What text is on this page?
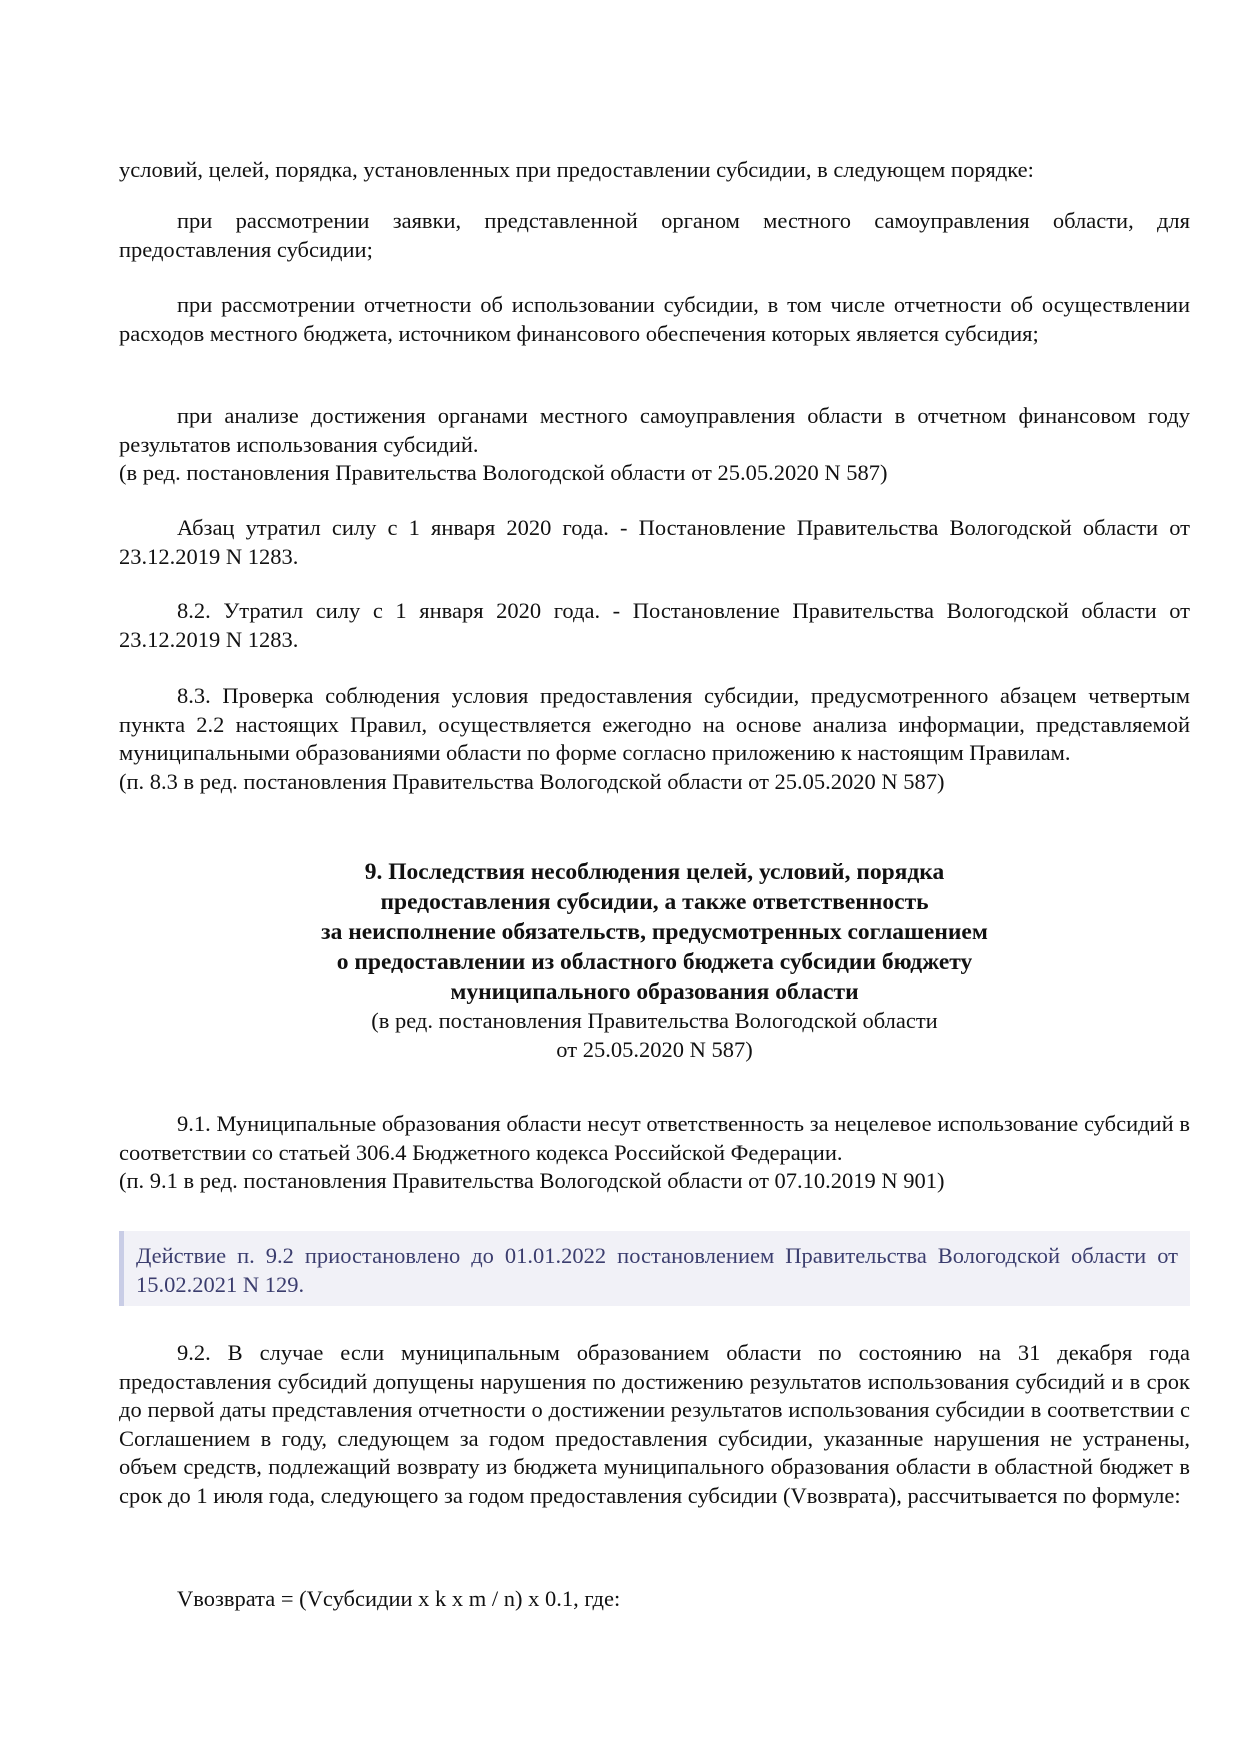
условий, целей, порядка, установленных при предоставлении субсидии, в следующем порядке:

при рассмотрении заявки, представленной органом местного самоуправления области, для предоставления субсидии;

при рассмотрении отчетности об использовании субсидии, в том числе отчетности об осуществлении расходов местного бюджета, источником финансового обеспечения которых является субсидия;

при анализе достижения органами местного самоуправления области в отчетном финансовом году результатов использования субсидий.

(в ред. постановления Правительства Вологодской области от 25.05.2020 N 587)

Абзац утратил силу с 1 января 2020 года. - Постановление Правительства Вологодской области от 23.12.2019 N 1283.

8.2. Утратил силу с 1 января 2020 года. - Постановление Правительства Вологодской области от 23.12.2019 N 1283.

8.3. Проверка соблюдения условия предоставления субсидии, предусмотренного абзацем четвертым пункта 2.2 настоящих Правил, осуществляется ежегодно на основе анализа информации, представляемой муниципальными образованиями области по форме согласно приложению к настоящим Правилам.

(п. 8.3 в ред. постановления Правительства Вологодской области от 25.05.2020 N 587)

9. Последствия несоблюдения целей, условий, порядка

предоставления субсидии, а также ответственность

за неисполнение обязательств, предусмотренных соглашением

о предоставлении из областного бюджета субсидии бюджету

муниципального образования области

(в ред. постановления Правительства Вологодской области

от 25.05.2020 N 587)

9.1. Муниципальные образования области несут ответственность за нецелевое использование субсидий в соответствии со статьей 306.4 Бюджетного кодекса Российской Федерации.

(п. 9.1 в ред. постановления Правительства Вологодской области от 07.10.2019 N 901)

Действие п. 9.2 приостановлено до 01.01.2022 постановлением Правительства Вологодской области от 15.02.2021 N 129.

9.2. В случае если муниципальным образованием области по состоянию на 31 декабря года предоставления субсидий допущены нарушения по достижению результатов использования субсидий и в срок до первой даты представления отчетности о достижении результатов использования субсидии в соответствии с Соглашением в году, следующем за годом предоставления субсидии, указанные нарушения не устранены, объем средств, подлежащий возврату из бюджета муниципального образования области в областной бюджет в срок до 1 июля года, следующего за годом предоставления субсидии (Vвозврата), рассчитывается по формуле:

Vвозврата = (Vсубсидии x k x m / n) x 0.1, где:
